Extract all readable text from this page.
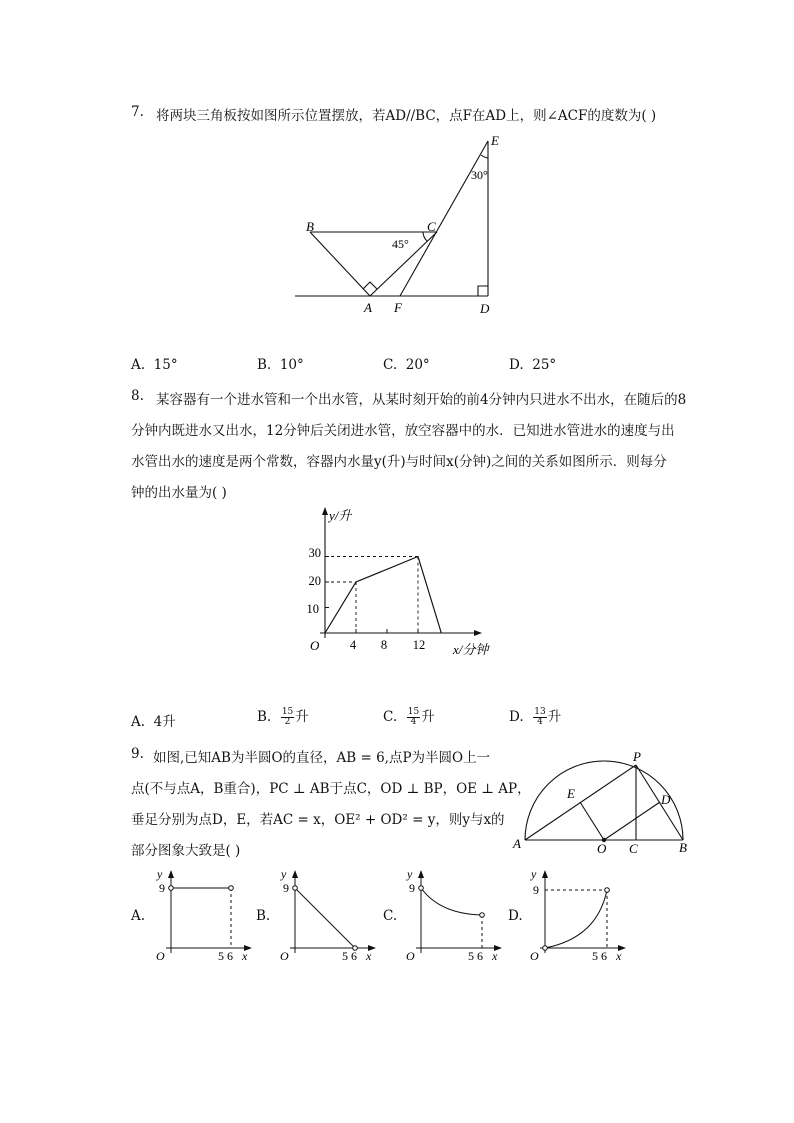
7. 将两块三角板按如图所示位置摆放，若AD//BC，点F在AD上，则∠ACF的度数为( )
E
30°
B	C
45°
A F	D
A. 15°	B. 10°	C. 20°	D. 25°
8. 某容器有一个进水管和一个出水管，从某时刻开始的前4分钟内只进水不出水，在随后的8
分钟内既进水又出水，12分钟后关闭进水管，放空容器中的水．已知进水管进水的速度与出
水管出水的速度是两个常数，容器内水量y(升)与时间x(分钟)之间的关系如图所示．则每分
钟的出水量为( )
y/升
x/分钟
O
10
20
30
4 8 12
A. 4升	B. $\frac{15}{2}$ 升	C. $\frac{15}{4}$ 升	D. $\frac{13}{4}$ 升
9. 如图,已知AB为半圆O的直径，AB = 6,点P为半圆O上一
点(不与点A，B重合)，PC ⊥ AB于点C，OD ⊥ BP，OE ⊥ AP，
垂足分别为点D，E，若AC = x，OE² + OD² = y，则y与x的
部分图象大致是( )
P
E	D
A	O C	B
A.
y
9
O	5 6 x
B.
y
9
O	5 6 x
C.
y
9
O	5 6 x
D.
y
9
O	5 6 x
